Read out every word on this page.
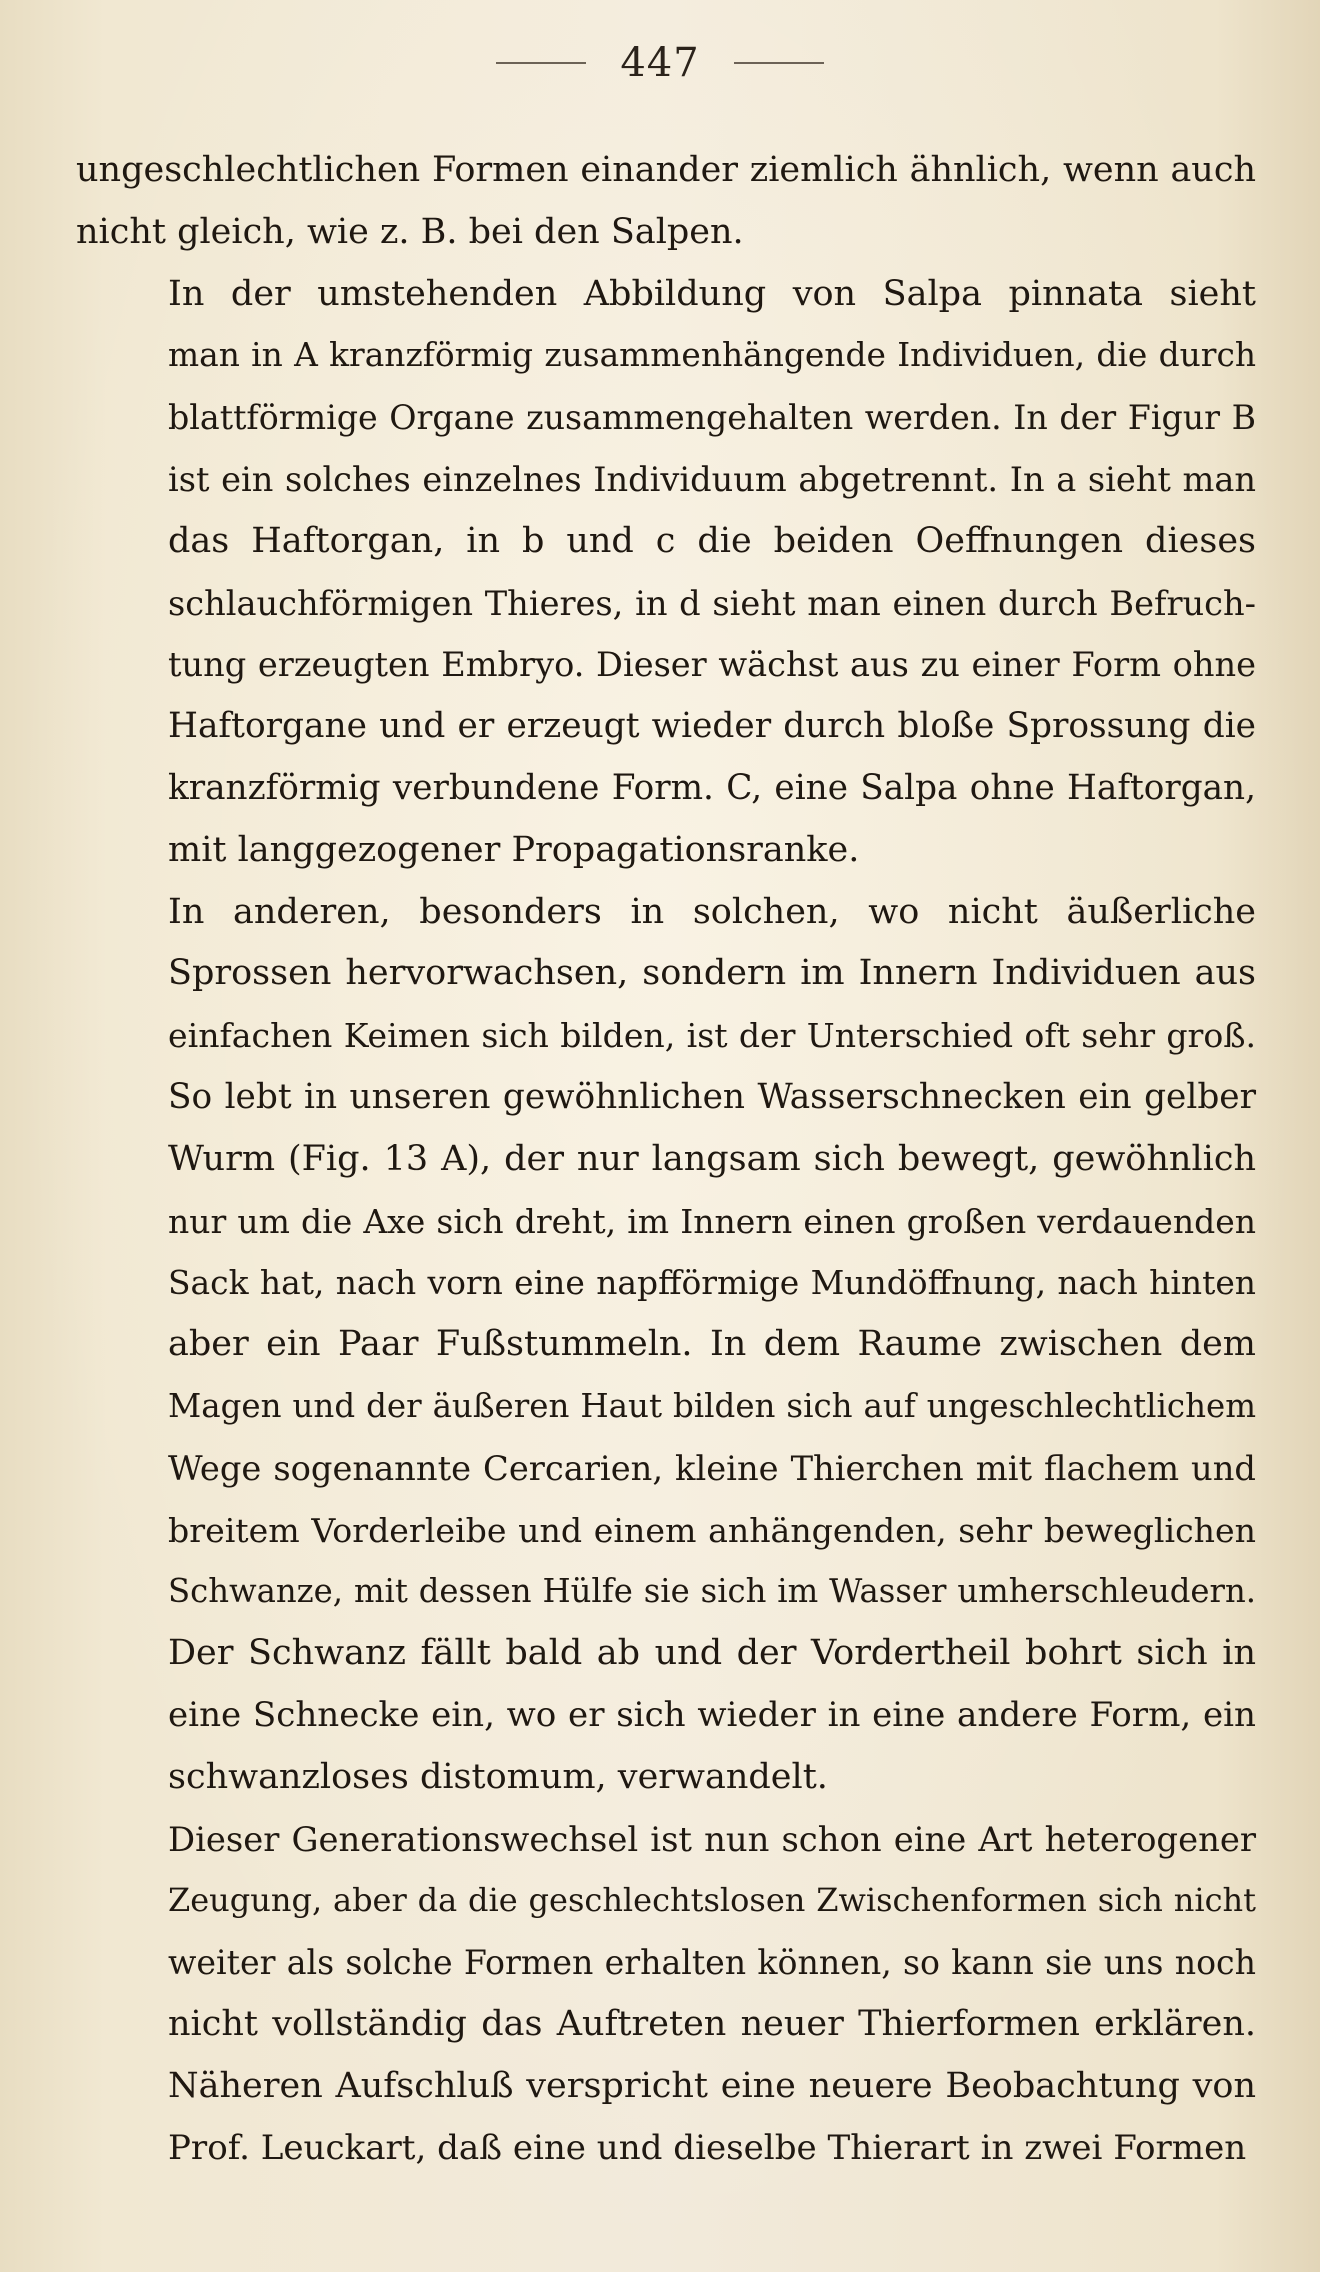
447

ungeschlechtlichen Formen einander ziemlich ähnlich, wenn auch
nicht gleich, wie z. B. bei den Salpen.

In der umstehenden Abbildung von Salpa pinnata sieht
man in A kranzförmig zusammenhängende Individuen, die durch
blattförmige Organe zusammengehalten werden. In der Figur B
ist ein solches einzelnes Individuum abgetrennt. In a sieht man
das Haftorgan, in b und c die beiden Oeffnungen dieses
schlauchförmigen Thieres, in d sieht man einen durch Befruch-
tung erzeugten Embryo. Dieser wächst aus zu einer Form ohne
Haftorgane und er erzeugt wieder durch bloße Sprossung die
kranzförmig verbundene Form. C, eine Salpa ohne Haftorgan,
mit langgezogener Propagationsranke.

In anderen, besonders in solchen, wo nicht äußerliche
Sprossen hervorwachsen, sondern im Innern Individuen aus
einfachen Keimen sich bilden, ist der Unterschied oft sehr groß.
So lebt in unseren gewöhnlichen Wasserschnecken ein gelber
Wurm (Fig. 13 A), der nur langsam sich bewegt, gewöhnlich
nur um die Axe sich dreht, im Innern einen großen verdauenden
Sack hat, nach vorn eine napfförmige Mundöffnung, nach hinten
aber ein Paar Fußstummeln. In dem Raume zwischen dem
Magen und der äußeren Haut bilden sich auf ungeschlechtlichem
Wege sogenannte Cercarien, kleine Thierchen mit flachem und
breitem Vorderleibe und einem anhängenden, sehr beweglichen
Schwanze, mit dessen Hülfe sie sich im Wasser umherschleudern.
Der Schwanz fällt bald ab und der Vordertheil bohrt sich in
eine Schnecke ein, wo er sich wieder in eine andere Form, ein
schwanzloses distomum, verwandelt.

Dieser Generationswechsel ist nun schon eine Art heterogener
Zeugung, aber da die geschlechtslosen Zwischenformen sich nicht
weiter als solche Formen erhalten können, so kann sie uns noch
nicht vollständig das Auftreten neuer Thierformen erklären.
Näheren Aufschluß verspricht eine neuere Beobachtung von
Prof. Leuckart, daß eine und dieselbe Thierart in zwei Formen
